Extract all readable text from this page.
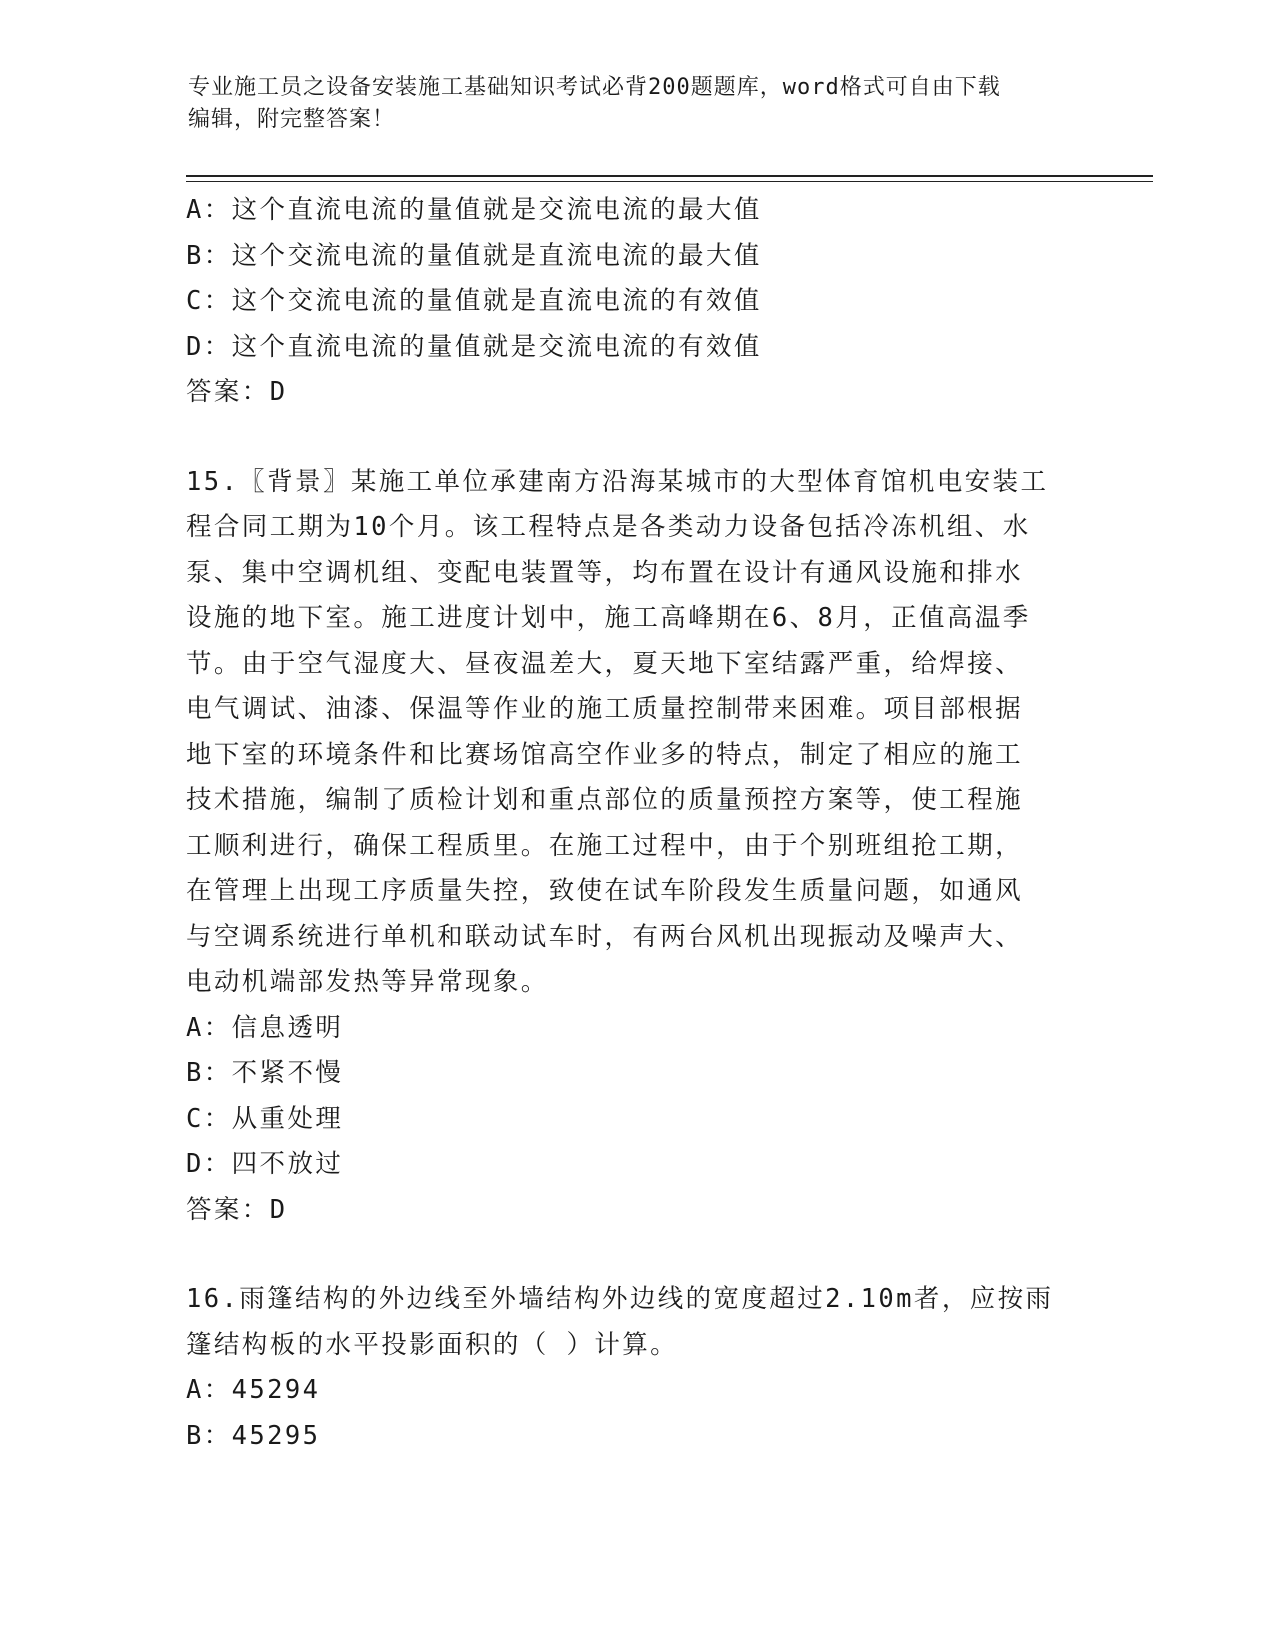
专业施工员之设备安装施工基础知识考试必背200题题库，word格式可自由下载
编辑，附完整答案！
A：这个直流电流的量值就是交流电流的最大值
B：这个交流电流的量值就是直流电流的最大值
C：这个交流电流的量值就是直流电流的有效值
D：这个直流电流的量值就是交流电流的有效值
答案：D
15.〖背景〗某施工单位承建南方沿海某城市的大型体育馆机电安装工
程合同工期为10个月。该工程特点是各类动力设备包括冷冻机组、水
泵、集中空调机组、变配电装置等，均布置在设计有通风设施和排水
设施的地下室。施工进度计划中，施工高峰期在6、8月，正值高温季
节。由于空气湿度大、昼夜温差大，夏天地下室结露严重，给焊接、
电气调试、油漆、保温等作业的施工质量控制带来困难。项目部根据
地下室的环境条件和比赛场馆高空作业多的特点，制定了相应的施工
技术措施，编制了质检计划和重点部位的质量预控方案等，使工程施
工顺利进行，确保工程质里。在施工过程中，由于个别班组抢工期，
在管理上出现工序质量失控，致使在试车阶段发生质量问题，如通风
与空调系统进行单机和联动试车时，有两台风机出现振动及噪声大、
电动机端部发热等异常现象。
A：信息透明
B：不紧不慢
C：从重处理
D：四不放过
答案：D
16.雨篷结构的外边线至外墙结构外边线的宽度超过2.10m者，应按雨
篷结构板的水平投影面积的（ ）计算。
A：45294
B：45295
